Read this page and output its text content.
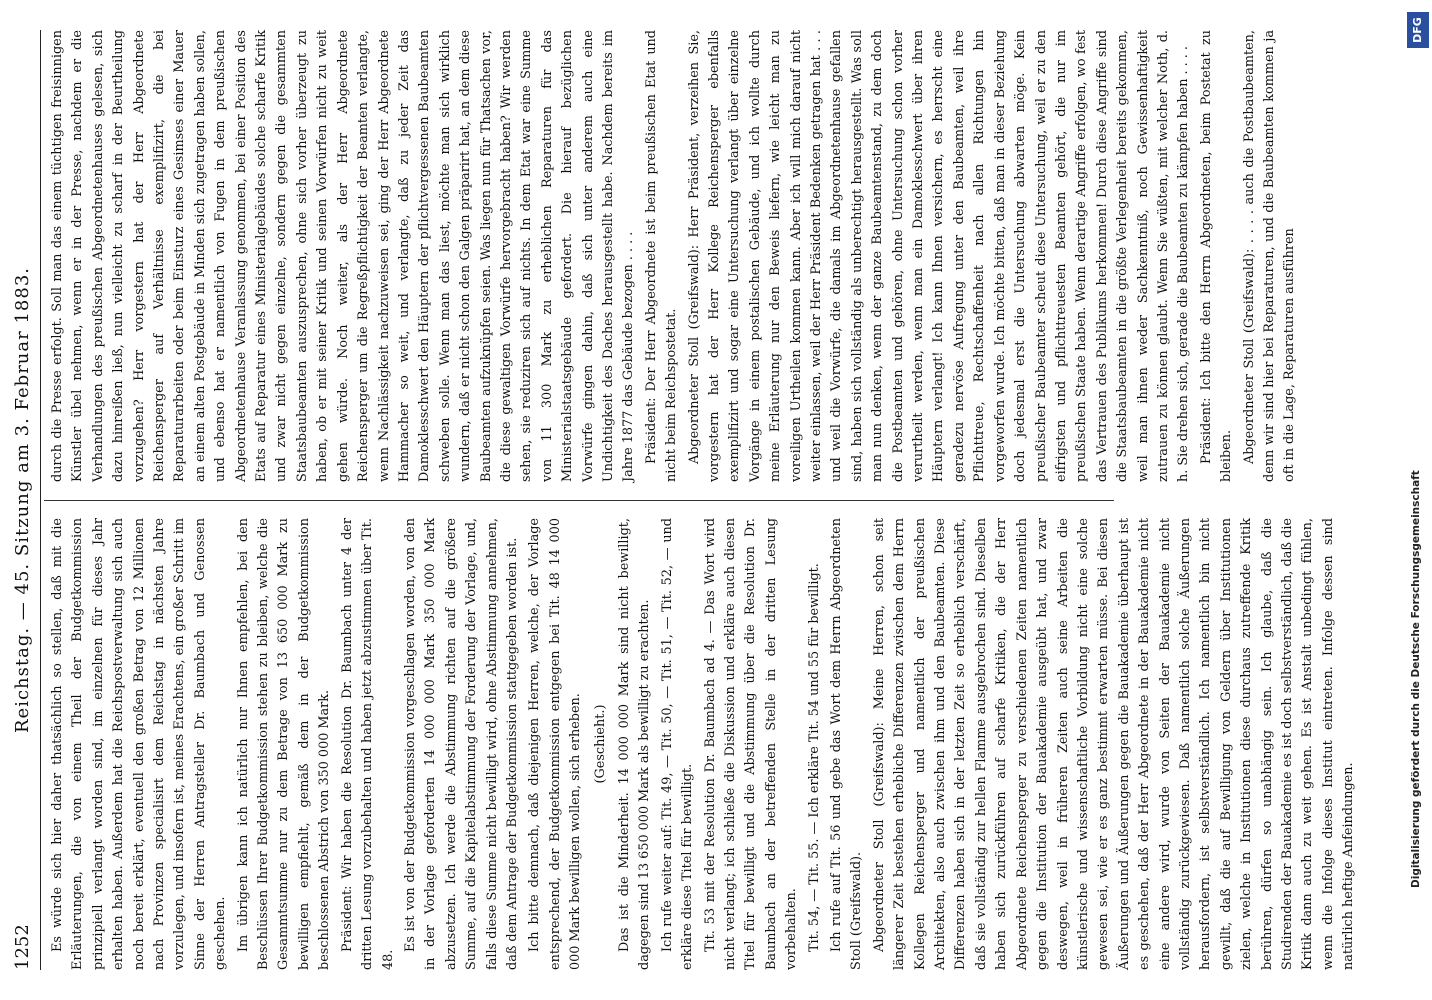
1252
Reichstag. — 45. Sitzung am 3. Februar 1883.

Es würde sich hier daher thatsächlich so stellen, daß mit die Erläuterungen, die von einem Theil der Budgetkommission prinzipiell verlangt worden sind, im einzelnen für dieses Jahr erhalten haben. Außerdem hat die Reichspostverwaltung sich auch noch bereit erklärt, eventuell den großen Betrag von 12 Millionen nach Provinzen specialisirt dem Reichstag in nächsten Jahre vorzulegen, und insofern ist, meines Erachtens, ein großer Schritt im Sinne der Herren Antragsteller Dr. Baumbach und Genossen geschehen. Im übrigen kann ich natürlich nur Ihnen empfehlen, bei den Beschlüssen Ihrer Budgetkommission stehen zu bleiben, welche die Gesammtsumme nur zu dem Betrage von 13 650 000 Mark zu bewilligen empfiehlt, gemäß dem in der Budgetkommission beschlossenen Abstrich von 350 000 Mark. Präsident: Wir haben die Resolution Dr. Baumbach unter 4 der dritten Lesung vorzubehalten und haben jetzt abzustimmen über Tit. 48.

Es ist von der Budgetkommission vorgeschlagen worden, von den in der Vorlage geforderten 14 000 000 Mark 350 000 Mark abzusetzen. Ich werde die Abstimmung richten auf die größere Summe, auf die Kapitelabstimmung der Forderung der Vorlage, und, falls diese Summe nicht bewilligt wird, ohne Abstimmung annehmen, daß dem Antrage der Budgetkommission stattgegeben worden ist. Ich bitte demnach, daß diejenigen Herren, welche, der Vorlage entsprechend, der Budgetkommission entgegen bei Tit. 48 14 000 000 Mark bewilligen wollen, sich erheben. (Geschieht.) Das ist die Minderheit. 14 000 000 Mark sind nicht bewilligt, dagegen sind 13 650 000 Mark als bewilligt zu erachten. Ich rufe weiter auf: Tit. 49, — Tit. 50, — Tit. 51, — Tit. 52, — und erkläre diese Titel für bewilligt. Tit. 53 mit der Resolution Dr. Baumbach ad 4. — Das Wort wird nicht verlangt; ich schließe die Diskussion und erkläre auch diesen Titel für bewilligt und die Abstimmung über die Resolution Dr. Baumbach an der betreffenden Stelle in der dritten Lesung vorbehalten. Tit. 54, — Tit. 55. — Ich erkläre Tit. 54 und 55 für bewilligt. Ich rufe auf Tit. 56 und gebe das Wort dem Herrn Abgeordneten Stoll (Greifswald). Abgeordneter Stoll (Greifswald): Meine Herren, schon seit längerer Zeit bestehen erhebliche Differenzen zwischen dem Herrn Kollegen Reichensperger und namentlich der preußischen Architekten, also auch zwischen ihm und den Baubeamten. Diese Differenzen haben sich in der letzten Zeit so erheblich verschärft, daß sie vollständig zur hellen Flamme ausgebrochen sind. Dieselben haben sich zurückführen auf scharfe Kritiken, die der Herr Abgeordnete Reichensperger zu verschiedenen Zeiten namentlich gegen die Institution der Bauakademie ausgeübt hat, und zwar deswegen, weil in früheren Zeiten auch seine Arbeiten die künstlerische und wissenschaftliche Vorbildung nicht eine solche gewesen sei, wie er es ganz bestimmt erwarten müsse. Bei diesen Äußerungen und Äußerungen gegen die Bauakademie überhaupt ist es geschehen, daß der Herr Abgeordnete in der Bauakademie nicht eine andere wird, wurde von Seiten der Bauakademie nicht vollständig zurückgewiesen. Daß namentlich solche Äußerungen herausfordern, ist selbstverständlich. Ich namentlich bin nicht gewillt, daß die auf Bewilligung von Geldern über Institutionen zielen, welche in Institutionen diese durchaus zutreffende Kritik berühren, dürfen so unabhängig sein. Ich glaube, daß die Studirenden der Bauakademie es ist doch selbstverständlich, daß die Kritik dann auch zu weit gehen. Es ist Anstalt unbedingt fühlen, wenn die Infolge dieses Institut eintreten. Infolge dessen sind natürlich heftige Anfeindungen.

durch die Presse erfolgt. Soll man das einem tüchtigen freisinnigen Künstler übel nehmen, wenn er in der Presse, nachdem er die Verhandlungen des preußischen Abgeordnetenhauses gelesen, sich dazu hinreißen ließ, nun vielleicht zu scharf in der Beurtheilung vorzugehen? Herr vorgestern hat der Herr Abgeordnete Reichensperger auf Verhältnisse exemplifizirt, die bei Reparaturarbeiten oder beim Einsturz eines Gesimses einer Mauer an einem alten Postgebäude in Minden sich zugetragen haben sollen, und ebenso hat er namentlich von Fugen in dem preußischen Abgeordnetenhause Veranlassung genommen, bei einer Position des Etats auf Reparatur eines Ministerialgebäudes solche scharfe Kritik und zwar nicht gegen einzelne, sondern gegen die gesammten Staatsbaubeamten auszusprechen, ohne sich vorher überzeugt zu haben, ob er mit seiner Kritik und seinen Vorwürfen nicht zu weit gehen würde. Noch weiter, als der Herr Abgeordnete Reichensperger um die Regreßpflichtigkeit der Beamten verlangte, wenn Nachlässigkeit nachzuweisen sei, ging der Herr Abgeordnete Hammacher so weit, und verlangte, daß zu jeder Zeit das Damoklesschwert den Häuptern der pflichtvergessenen Baubeamten schweben solle. Wenn man das liest, möchte man sich wirklich wundern, daß er nicht schon den Galgen präparirt hat, an dem diese Baubeamten aufzuknüpfen seien. Was liegen nun für Thatsachen vor, die diese gewaltigen Vorwürfe hervorgebracht haben? Wir werden sehen, sie reduziren sich auf nichts. In dem Etat war eine Summe von 11 300 Mark zu erheblichen Reparaturen für das Ministerialstaatsgebäude gefordert. Die hierauf bezüglichen Vorwürfe gingen dahin, daß sich unter anderem auch eine Undichtigkeit des Daches herausgestellt habe. Nachdem bereits im Jahre 1877 das Gebäude bezogen . . . . Präsident: Der Herr Abgeordnete ist beim preußischen Etat und nicht beim Reichspostetat. Abgeordneter Stoll (Greifswald): Herr Präsident, verzeihen Sie, vorgestern hat der Herr Kollege Reichensperger ebenfalls exemplifizirt und sogar eine Untersuchung verlangt über einzelne Vorgänge in einem postalischen Gebäude, und ich wollte durch meine Erläuterung nur den Beweis liefern, wie leicht man zu voreiligen Urtheilen kommen kann. Aber ich will mich darauf nicht weiter einlassen, weil der Herr Präsident Bedenken getragen hat . . . und weil die Vorwürfe, die damals im Abgeordnetenhause gefallen sind, haben sich vollständig als unberechtigt herausgestellt. Was soll man nun denken, wenn der ganze Baubeamtenstand, zu dem doch die Postbeamten und gehören, ohne Untersuchung schon vorher verurtheilt werden, wenn man ein Damoklesschwert über ihren Häuptern verlangt! Ich kann Ihnen versichern, es herrscht eine geradezu nervöse Aufregung unter den Baubeamten, weil ihre Pflichttreue, Rechtschaffenheit nach allen Richtungen hin vorgeworfen wurde. Ich möchte bitten, daß man in dieser Beziehung doch jedesmal erst die Untersuchung abwarten möge. Kein preußischer Baubeamter scheut diese Untersuchung, weil er zu den eifrigsten und pflichttreuesten Beamten gehört, die nur im preußischen Staate haben. Wenn derartige Angriffe erfolgen, wo fest das Vertrauen des Publikums herkommen! Durch diese Angriffe sind die Staatsbaubeamten in die größte Verlegenheit bereits gekommen, weil man ihnen weder Sachkenntniß, noch Gewissenhaftigkeit zutrauen zu können glaubt. Wenn Sie wüßten, mit welcher Noth, d. h. Sie drehen sich, gerade die Baubeamten zu kämpfen haben . . . . Präsident: Ich bitte den Herrn Abgeordneten, beim Postetat zu bleiben. Abgeordneter Stoll (Greifswald): . . . . auch die Postbaubeamten, denn wir sind hier bei Reparaturen, und die Baubeamten kommen ja oft in die Lage, Reparaturen ausführen

Digitalisierung gefördert durch die Deutsche Forschungsgemeinschaft
DFG
